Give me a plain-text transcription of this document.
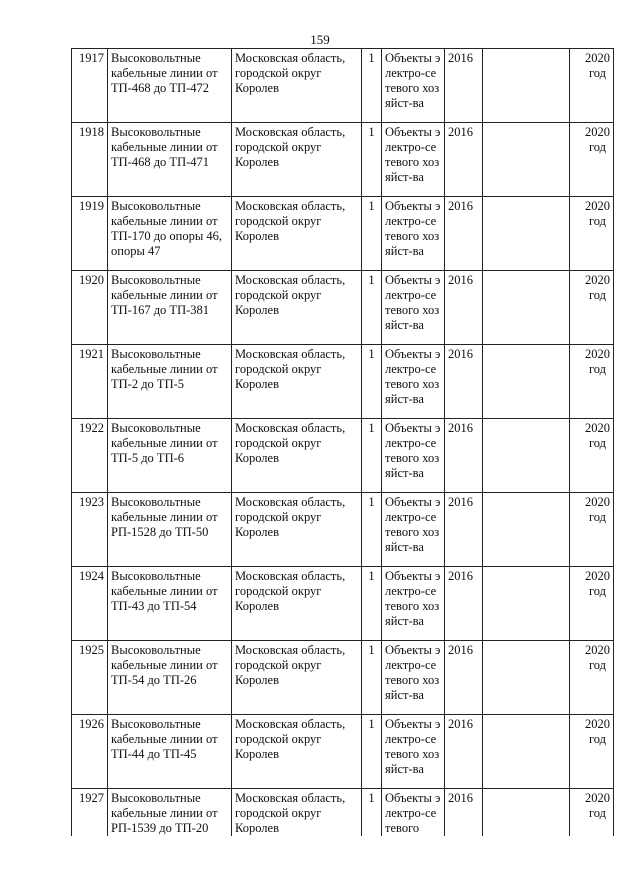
159
1917	Высоковольтные кабельные линии от ТП-468 до ТП-472	Московская область, городской округ Королев	1	Объекты электро-сетевого хозяйст-ва	2016		2020
год

1918	Высоковольтные кабельные линии от ТП-468 до ТП-471	Московская область, городской округ Королев	1	Объекты электро-сетевого хозяйст-ва	2016		2020
год

1919	Высоковольтные кабельные линии от ТП-170 до опоры 46, опоры 47	Московская область, городской округ Королев	1	Объекты электро-сетевого хозяйст-ва	2016		2020
год

1920	Высоковольтные кабельные линии от ТП-167 до ТП-381	Московская область, городской округ Королев	1	Объекты электро-сетевого хозяйст-ва	2016		2020
год

1921	Высоковольтные кабельные линии от ТП-2 до ТП-5	Московская область, городской округ Королев	1	Объекты электро-сетевого хозяйст-ва	2016		2020
год

1922	Высоковольтные кабельные линии от ТП-5 до ТП-6	Московская область, городской округ Королев	1	Объекты электро-сетевого хозяйст-ва	2016		2020
год

1923	Высоковольтные кабельные линии от РП-1528 до ТП-50	Московская область, городской округ Королев	1	Объекты электро-сетевого хозяйст-ва	2016		2020
год

1924	Высоковольтные кабельные линии от ТП-43 до ТП-54	Московская область, городской округ Королев	1	Объекты электро-сетевого хозяйст-ва	2016		2020
год

1925	Высоковольтные кабельные линии от ТП-54 до ТП-26	Московская область, городской округ Королев	1	Объекты электро-сетевого хозяйст-ва	2016		2020
год

1926	Высоковольтные кабельные линии от ТП-44 до ТП-45	Московская область, городской округ Королев	1	Объекты электро-сетевого хозяйст-ва	2016		2020
год

1927	Высоковольтные кабельные линии от РП-1539 до ТП-20	Московская область, городской округ Королев	1	Объекты электро-сетевого	2016		2020
год
